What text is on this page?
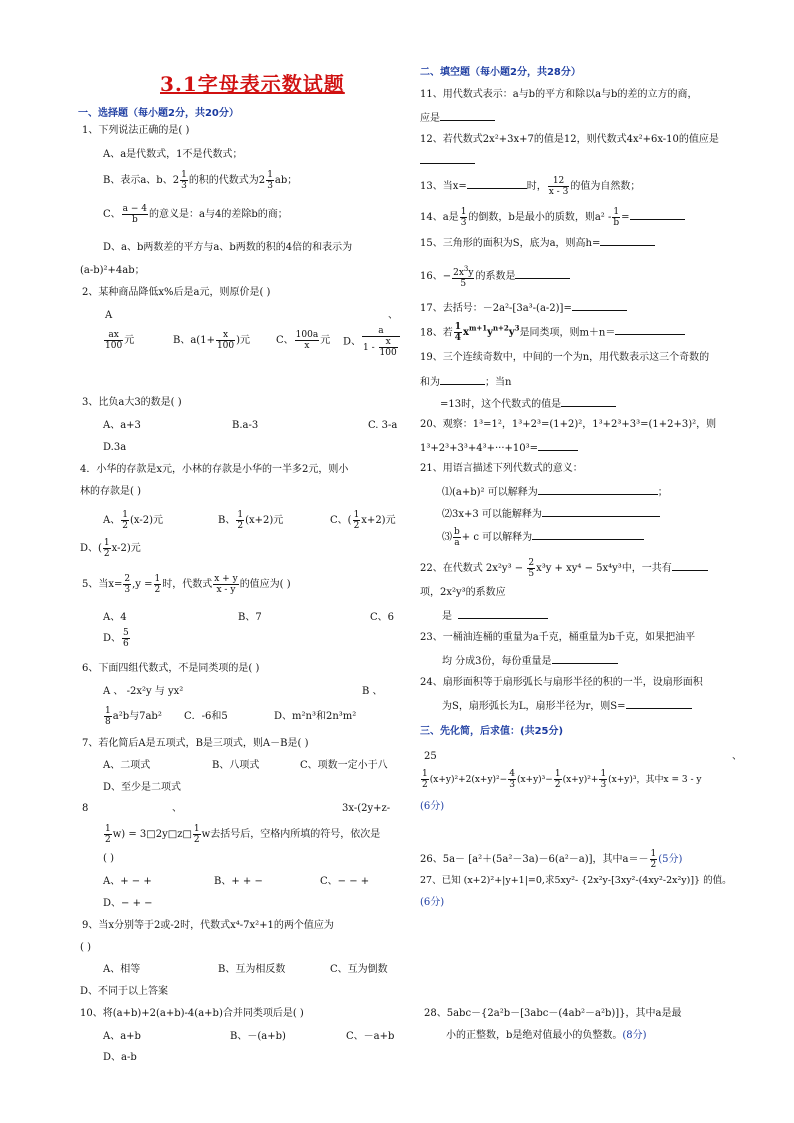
3.1字母表示数试题
一、选择题（每小题2分，共20分）
1、下列说法正确的是( )
A、a是代数式，1不是代数式；
B、表示a、b、$2 \frac{1}{3}$ 的积的代数式为$2 \frac{1}{3}$ ab；
C、 $\frac{a - 4}{b}$ 的意义是：a与4的差除b的商；
D、a、b两数差的平方与a、b两数的积的4倍的和表示为
(a-b)²+4ab；
2、某种商品降低x%后是a元，则原价是( )
A	、
$\frac{ax}{100}$ 元	B、$a(1+ \frac{x}{100}$ )元	C、 $\frac{100a}{x}$ 元 D、 $\frac{a}{1 - \frac{x}{100}}$
3、比负a大3的数是( )
A、a+3	B.a-3	C. 3-a
D.3a
4．小华的存款是x元，小林的存款是小华的一半多2元，则小
林的存款是( )
A、 $\frac{1}{2} (x-2)$元	B、 $\frac{1}{2} (x+2)$元	C、( $\frac{1}{2} x+2$)元
D、( $\frac{1}{2} x-2$)元
5、当$x= \frac{2}{3} ,y = \frac{1}{2}$ 时，代数式 $\frac{x + y}{x - y}$ 的值应为( )
A、4	B、7	C、6
D、 $\frac{5}{6}$
6、下面四组代数式，不是同类项的是( )
A 、 -2x²y 与 yx²	B 、
$\frac{1}{8} a^2b$与7ab² C．-6和5	D、m²n³和2n³m²
7、若化简后A是五项式，B是三项式，则A－B是( )
A、二项式	B、八项式	C、项数一定小于八
D、至少是二项式
8	、	3x-(2y+z-
$\frac{1}{2} w$) = 3□2y□z□ $\frac{1}{2}$ w去括号后，空格内所填的符号，依次是
( )
A、+ − +	B、+ + −	C、− − +
D、− + −
9、当x分别等于2或-2时，代数式x⁴-7x²+1的两个值应为
( )
A、相等	B、互为相反数	C、互为倒数
D、不同于以上答案
10、将(a+b)+2(a+b)-4(a+b)合并同类项后是( )
A、a+b	B、－(a+b)	C、－a+b
D、a-b
二、填空题（每小题2分，共28分）
11、用代数式表示：a与b的平方和除以a与b的差的立方的商，
应是
12、若代数式2x²+3x+7的值是12，则代数式4x²+6x-10的值应是
13、当x=	时， $\frac{12}{x - 3}$ 的值为自然数；
14、a是 $\frac{1}{3}$ 的倒数，b是最小的质数，则$a^2 - \frac{1}{b}$ =
15、三角形的面积为S，底为a，则高h=
16、− $\frac{2x^3y}{5}$ 的系数是
17、去括号：－2a²-[3a³-(a-2)]=
18、若 $\frac{1}{4} x^{m+1}y^{n+2}y^3$是同类项，则m＋n＝
19、三个连续奇数中，中间的一个为n，用代数表示这三个奇数的
和为	；当n
=13时，这个代数式的值是
20、观察：1³=1²，1³+2³=(1+2)²，1³+2³+3³=(1+2+3)²，则
1³+2³+3³+4³+···+10³=
21、用语言描述下列代数式的意义：
⑴(a+b)² 可以解释为	；
⑵3x+3 可以能解释为
⑶ $\frac{b}{a} + c$ 可以解释为
22、在代数式 $2x^2y^3 - \frac{2}{5} x^3y + xy^4 - 5x^4y^3$中，一共有
项，2x²y³的系数应
是
23、一桶油连桶的重量为a千克，桶重量为b千克，如果把油平
均 分成3份，每份重量是
24、扇形面积等于扇形弧长与扇形半径的积的一半，设扇形面积
为S，扇形弧长为L，扇形半径为r，则S=
三、先化简，后求值：(共25分)
25	、
$\frac{1}{2} (x+y)^2+2(x+y)^2- \frac{4}{3} (x+y)^3- \frac{1}{2} (x+y)^2+ \frac{1}{3} (x+y)^3$，其中x = 3 - y
(6分)
26、5a－ [a²＋(5a²－3a)－6(a²－a)]，其中$a=- \frac{1}{2} (5$分)
27、已知 (x+2)²+|y+1|=0,求5xy²- {2x²y-[3xy²-(4xy²-2x²y)]} 的值。
(6分)
28、5abc－{2a²b－[3abc－(4ab²－a²b)]}，其中a是最
小的正整数，b是绝对值最小的负整数。(8分)
